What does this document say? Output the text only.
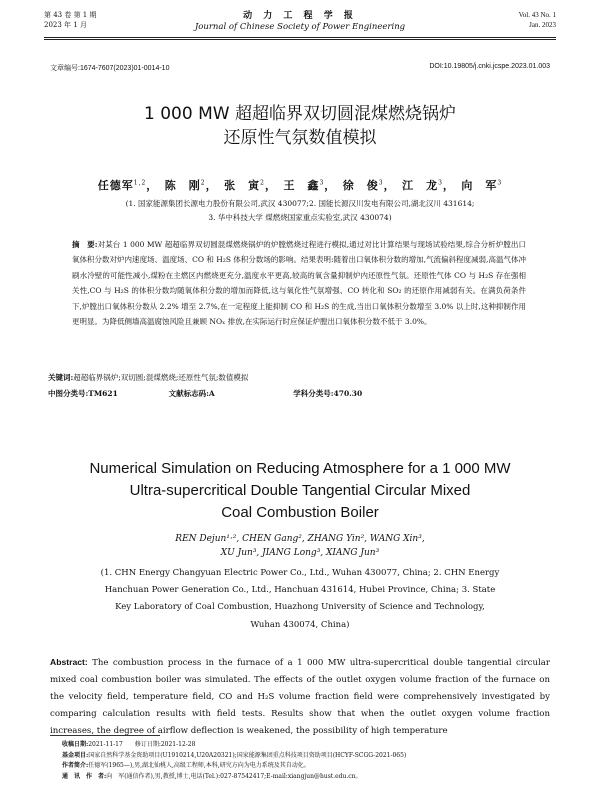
第 43 卷 第 1 期
2023 年 1 月
动 力 工 程 学 报
Journal of Chinese Society of Power Engineering
Vol. 43 No. 1
Jan. 2023
文章编号:1674-7607(2023)01-0014-10	DOI:10.19805/j.cnki.jcspe.2023.01.003
1 000 MW 超超临界双切圆混煤燃烧锅炉
还原性气氛数值模拟
任德军$^{1,2}$，　陈　刚$^2$，　张　寅$^2$，　王　鑫$^3$，　徐　俊$^3$，　江　龙$^3$，　向　军$^3$
(1. 国家能源集团长源电力股份有限公司,武汉 430077;2. 国能长源汉川发电有限公司,湖北汉川 431614;
3. 华中科技大学 煤燃烧国家重点实验室,武汉 430074)
摘　要:对某台 1 000 MW 超超临界双切圆混煤燃烧锅炉的炉膛燃烧过程进行模拟,通过对比计算结果与现场试验结果,综合分析炉膛出口氧体积分数对炉内速度场、温度场、CO 和 H₂S 体积分数场的影响。结果表明:随着出口氧体积分数的增加,气流偏斜程度减弱,高温气体冲刷水冷壁的可能性减小,煤粉在主燃区内燃烧更充分,温度水平更高,较高的氧含量抑制炉内还原性气氛。还原性气体 CO 与 H₂S 存在强相关性,CO 与 H₂S 的体积分数均随氧体积分数的增加而降低,这与氧化性气氛增强、CO 转化和 SO₂ 的还原作用减弱有关。在满负荷条件下,炉膛出口氧体积分数从 2.2% 增至 2.7%,在一定程度上能抑制 CO 和 H₂S 的生成,当出口氧体积分数增至 3.0% 以上时,这种抑制作用更明显。为降低侧墙高温腐蚀风险且兼顾 NOₓ 排放,在实际运行时应保证炉膛出口氧体积分数不低于 3.0%。
关键词:超超临界锅炉;双切圆;混煤燃烧;还原性气氛;数值模拟
中图分类号:TM621	文献标志码:A	学科分类号:470.30
Numerical Simulation on Reducing Atmosphere for a 1 000 MW
Ultra-supercritical Double Tangential Circular Mixed
Coal Combustion Boiler
REN Dejun¹·², CHEN Gang², ZHANG Yin², WANG Xin³,
XU Jun³, JIANG Long³, XIANG Jun³
(1. CHN Energy Changyuan Electric Power Co., Ltd., Wuhan 430077, China; 2. CHN Energy
Hanchuan Power Generation Co., Ltd., Hanchuan 431614, Hubei Province, China; 3. State
Key Laboratory of Coal Combustion, Huazhong University of Science and Technology,
Wuhan 430074, China)
Abstract: The combustion process in the furnace of a 1 000 MW ultra-supercritical double tangential circular mixed coal combustion boiler was simulated. The effects of the outlet oxygen volume fraction of the furnace on the velocity field, temperature field, CO and H₂S volume fraction field were comprehensively investigated by comparing calculation results with field tests. Results show that when the outlet oxygen volume fraction increases, the degree of airflow deflection is weakened, the possibility of high temperature
收稿日期:2021-11-17　　修订日期:2021-12-28
基金项目:国家自然科学基金资助项目(U1910214,U20A20321);国家能源集团重点科技项目资助项目(HCYF-SCGG-2021-065)
作者简介:任德军(1965—),男,湖北仙桃人,高级工程师,本科,研究方向为电力系统及其自动化。
通　讯　作　者:向　军(通信作者),男,教授,博士,电话(Tel.):027-87542417;E-mail:xiangjun@hust.edu.cn。
